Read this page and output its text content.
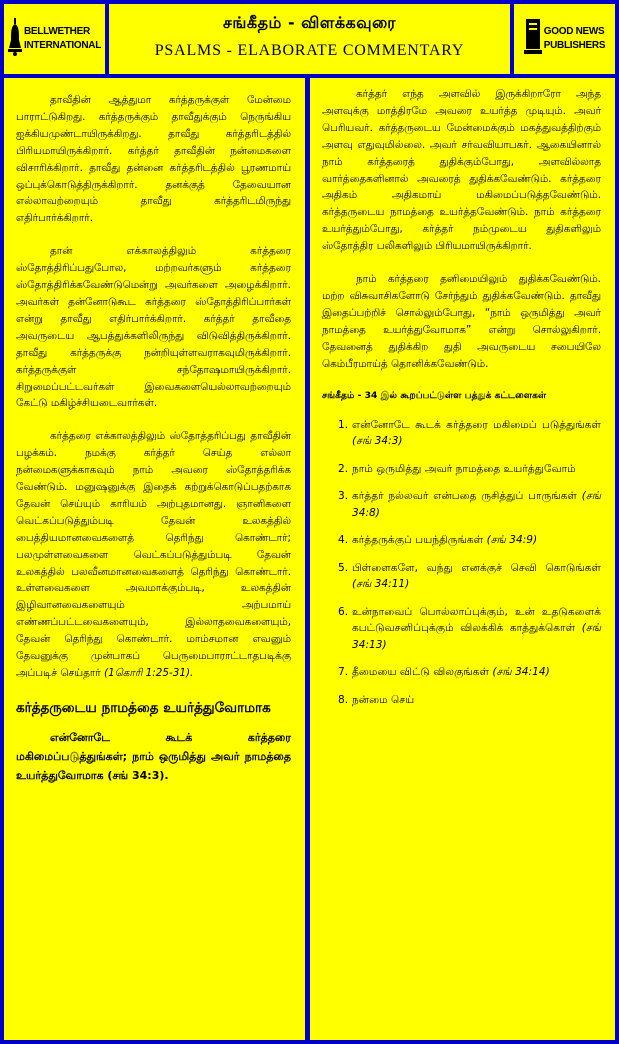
BELLWETHER
INTERNATIONAL
சங்கீதம் - விளக்கவுரை
PSALMS - ELABORATE COMMENTARY
GOOD NEWS
PUBLISHERS

தாவீதின் ஆத்துமா கர்த்தருக்குள் மேன்மை பாராட்டுகிறது. கர்த்தருக்கும் தாவீதுக்கும் நெருங்கிய ஐக்கியமுண்டாயிருக்கிறது. தாவீது கர்த்தரிடத்தில் பிரியமாயிருக்கிறார். கர்த்தர் தாவீதின் நன்மைகளை விசாரிக்கிறார். தாவீது தன்னை கர்த்தரிடத்தில் பூரணமாய் ஒப்புக்கொடுத்திருக்கிறார். தனக்குத் தேவையான எல்லாவற்றையும் தாவீது கர்த்தரிடமிருந்து எதிர்பார்க்கிறார்.

தான் எக்காலத்திலும் கர்த்தரை ஸ்தோத்திரிப்பதுபோல, மற்றவர்களும் கர்த்தரை ஸ்தோத்திரிக்கவேண்டுமென்று அவர்களை அழைக்கிறார். அவர்கள் தன்னோடுகூட கர்த்தரை ஸ்தோத்திரிப்பார்கள் என்று தாவீது எதிர்பார்க்கிறார். கர்த்தர் தாவீதை அவருடைய ஆபத்துக்களிலிருந்து விடுவித்திருக்கிறார். தாவீது கர்த்தருக்கு நன்றியுள்ளவராகவுமிருக்கிறார். கர்த்தருக்குள் சந்தோஷமாயிருக்கிறார். சிறுமைப்பட்டவர்கள் இவைகளையெல்லாவற்றையும் கேட்டு மகிழ்ச்சியடைவார்கள்.

கர்த்தரை எக்காலத்திலும் ஸ்தோத்தரிப்பது தாவீதின் பழக்கம். நமக்கு கர்த்தர் செய்த எல்லா நன்மைகளுக்காகவும் நாம் அவரை ஸ்தோத்தரிக்க வேண்டும். மனுஷனுக்கு இதைக் கற்றுக்கொடுப்பதற்காக தேவன் செய்யும் காரியம் அற்புதமானது. ஞானிகளை வெட்கப்படுத்தும்படி தேவன் உலகத்தில் பைத்தியமானவைகளைத் தெரிந்து கொண்டார்; பலமுள்ளவைகளை வெட்கப்படுத்தும்படி தேவன் உலகத்தில் பலவீனமானவைகளைத் தெரிந்து கொண்டார். உள்ளவைகளை அவமாக்கும்படி, உலகத்தின் இழிவானவைகளையும் அற்பமாய் எண்ணப்பட்டவைகளையும், இல்லாதவைகளையும், தேவன் தெரிந்து கொண்டார். மாம்சமான எவனும் தேவனுக்கு முன்பாகப் பெருமைபாராட்டாதபடிக்கு அப்படிச் செய்தார் (1கொரி 1:25-31).

கர்த்தருடைய நாமத்தை உயர்த்துவோமாக

என்னோடே கூடக் கர்த்தரை மகிமைப்படுத்துங்கள்; நாம் ஒருமித்து அவர் நாமத்தை உயர்த்துவோமாக (சங் 34:3).

கர்த்தர் எந்த அளவில் இருக்கிறாரோ அந்த அளவுக்கு மாத்திரமே அவரை உயர்த்த முடியும். அவர் பெரியவர். கர்த்தருடைய மேன்மைக்கும் மகத்துவத்திற்கும் அளவு எதுவுமில்லை. அவர் சர்வவியாபகர். ஆகையினால் நாம் கர்த்தரைத் துதிக்கும்போது, அளவில்லாத வார்த்தைகளினால் அவரைத் துதிக்கவேண்டும். கர்த்தரை அதிகம் அதிகமாய் மகிமைப்படுத்தவேண்டும். கர்த்தருடைய நாமத்தை உயர்த்தவேண்டும். நாம் கர்த்தரை உயர்த்தும்போது, கர்த்தர் நம்முடைய துதிகளிலும் ஸ்தோத்திர பலிகளிலும் பிரியமாயிருக்கிறார்.

நாம் கர்த்தரை தனிமையிலும் துதிக்கவேண்டும். மற்ற விசுவாசிகளோடு சேர்ந்தும் துதிக்கவேண்டும். தாவீது இதைப்பற்றிச் சொல்லும்போது, “நாம் ஒருமித்து அவர் நாமத்தை உயர்த்துவோமாக” என்று சொல்லுகிறார். தேவனைத் துதிக்கிற துதி அவருடைய சபையிலே கெம்பீரமாய்த் தொனிக்கவேண்டும்.

சங்கீதம் - 34 இல் கூறப்பட்டுள்ள பத்துக் கட்டளைகள்
1. என்னோடே கூடக் கர்த்தரை மகிமைப் படுத்துங்கள் (சங் 34:3)
2. நாம் ஒருமித்து அவர் நாமத்தை உயர்த்துவோம்
3. கர்த்தர் நல்லவர் என்பதை ருசித்துப் பாருங்கள் (சங் 34:8)
4. கர்த்தருக்குப் பயந்திருங்கள் (சங் 34:9)
5. பிள்ளைகளே, வந்து எனக்குச் செவி கொடுங்கள் (சங் 34:11)
6. உன்நாவைப் பொல்லாப்புக்கும், உன் உதடுகளைக் கபட்டுவசனிப்புக்கும் விலக்கிக் காத்துக்கொள் (சங் 34:13)
7. தீமையை விட்டு விலகுங்கள் (சங் 34:14)
8. நன்மை செய்
